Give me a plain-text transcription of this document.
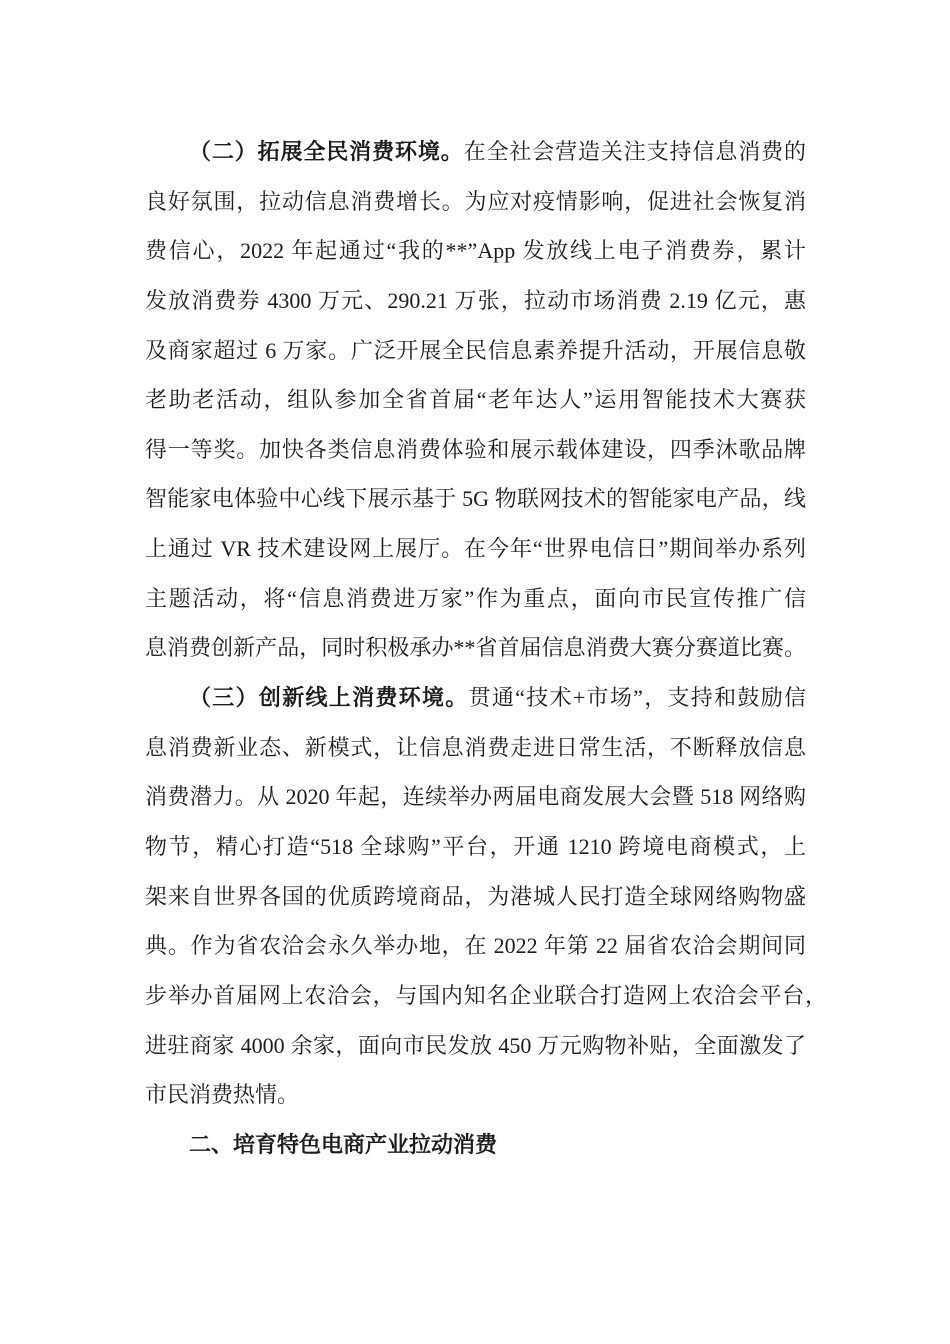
（二）拓展全民消费环境。在全社会营造关注支持信息消费的
良好氛围，拉动信息消费增长。为应对疫情影响，促进社会恢复消
费信心，2022 年起通过“我的**”App 发放线上电子消费券，累计
发放消费券 4300 万元、290.21 万张，拉动市场消费 2.19 亿元，惠
及商家超过 6 万家。广泛开展全民信息素养提升活动，开展信息敬
老助老活动，组队参加全省首届“老年达人”运用智能技术大赛获
得一等奖。加快各类信息消费体验和展示载体建设，四季沐歌品牌
智能家电体验中心线下展示基于 5G 物联网技术的智能家电产品，线
上通过 VR 技术建设网上展厅。在今年“世界电信日”期间举办系列
主题活动，将“信息消费进万家”作为重点，面向市民宣传推广信
息消费创新产品，同时积极承办**省首届信息消费大赛分赛道比赛。
（三）创新线上消费环境。贯通“技术+市场”，支持和鼓励信
息消费新业态、新模式，让信息消费走进日常生活，不断释放信息
消费潜力。从 2020 年起，连续举办两届电商发展大会暨 518 网络购
物节，精心打造“518 全球购”平台，开通 1210 跨境电商模式，上
架来自世界各国的优质跨境商品，为港城人民打造全球网络购物盛
典。作为省农洽会永久举办地，在 2022 年第 22 届省农洽会期间同
步举办首届网上农洽会，与国内知名企业联合打造网上农洽会平台，
进驻商家 4000 余家，面向市民发放 450 万元购物补贴，全面激发了
市民消费热情。
二、培育特色电商产业拉动消费
